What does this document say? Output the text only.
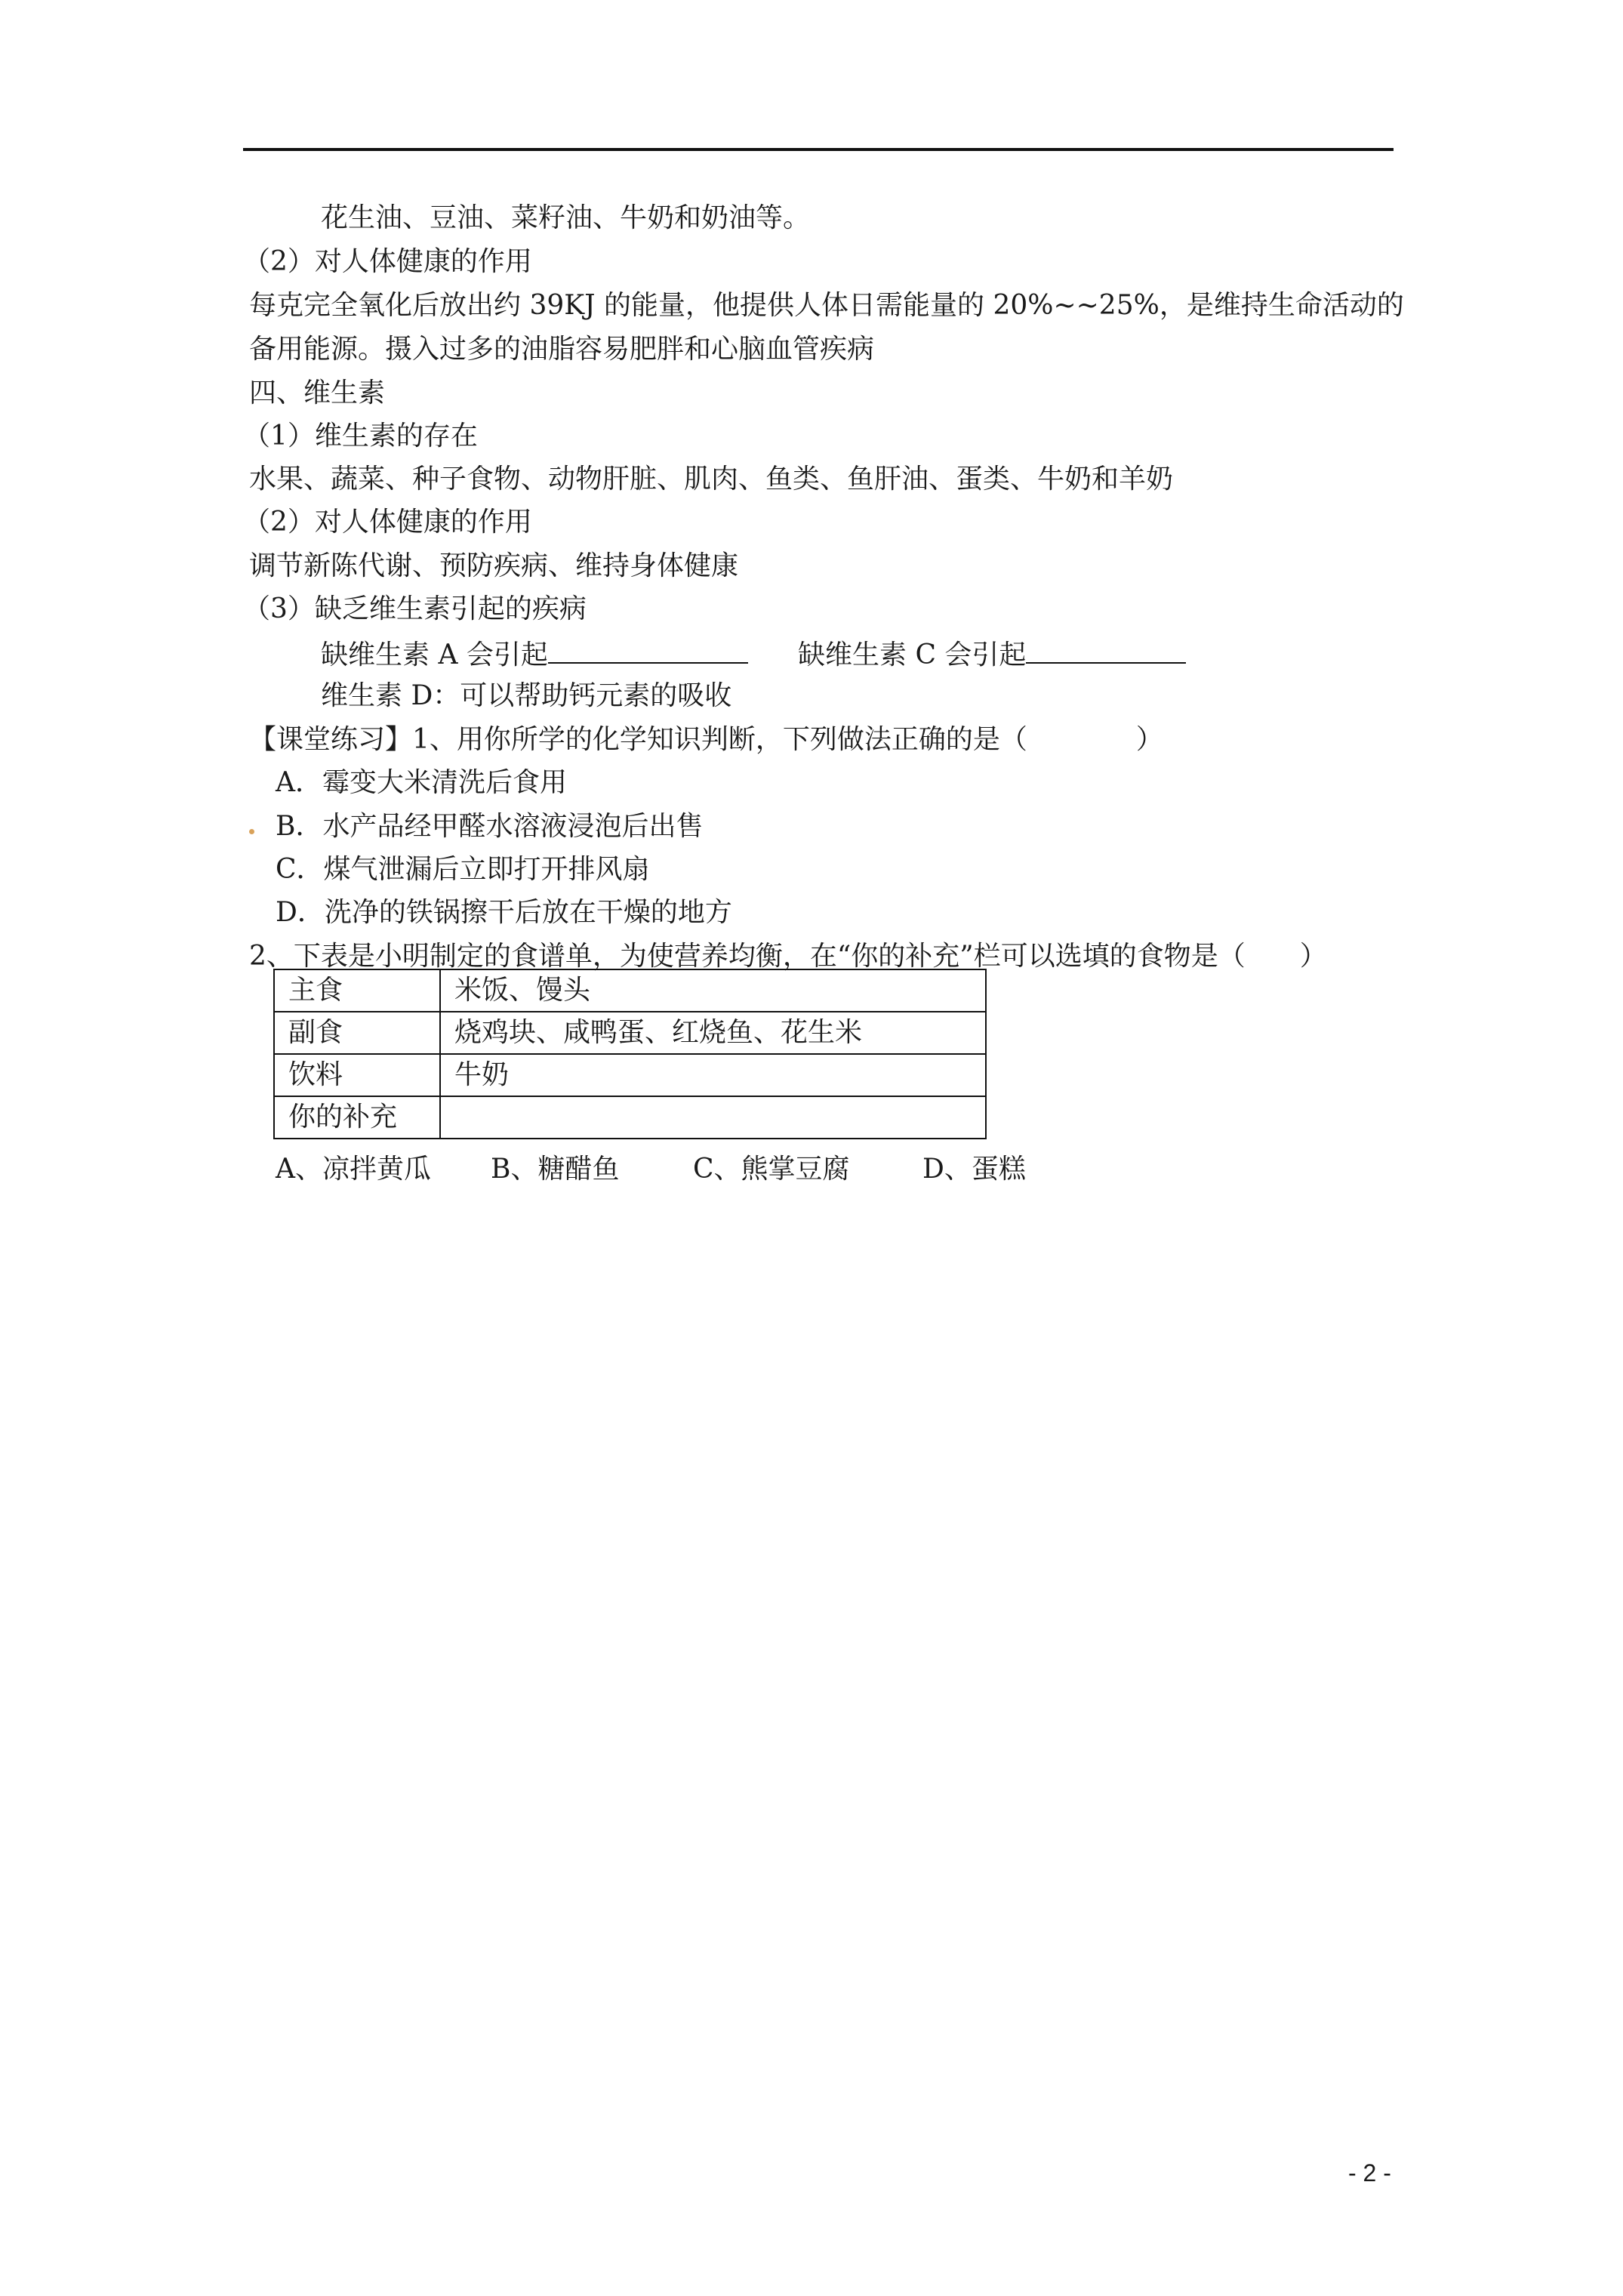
花生油、豆油、菜籽油、牛奶和奶油等。
（2）对人体健康的作用
每克完全氧化后放出约 39KJ 的能量，他提供人体日需能量的 20%~~25%，是维持生命活动的
备用能源。摄入过多的油脂容易肥胖和心脑血管疾病
四、维生素
（1）维生素的存在
水果、蔬菜、种子食物、动物肝脏、肌肉、鱼类、鱼肝油、蛋类、牛奶和羊奶
（2）对人体健康的作用
调节新陈代谢、预防疾病、维持身体健康
（3）缺乏维生素引起的疾病
缺维生素 A 会引起	缺维生素 C 会引起
维生素 D：可以帮助钙元素的吸收
【课堂练习】1、用你所学的化学知识判断，下列做法正确的是（　　　　）
A．霉变大米清洗后食用
B．水产品经甲醛水溶液浸泡后出售
C．煤气泄漏后立即打开排风扇
D．洗净的铁锅擦干后放在干燥的地方
2、下表是小明制定的食谱单，为使营养均衡，在“你的补充”栏可以选填的食物是（　　）
主食	米饭、馒头
副食	烧鸡块、咸鸭蛋、红烧鱼、花生米
饮料	牛奶
你的补充	
A、凉拌黄瓜 B、糖醋鱼	C、熊掌豆腐	D、蛋糕
- 2 -
